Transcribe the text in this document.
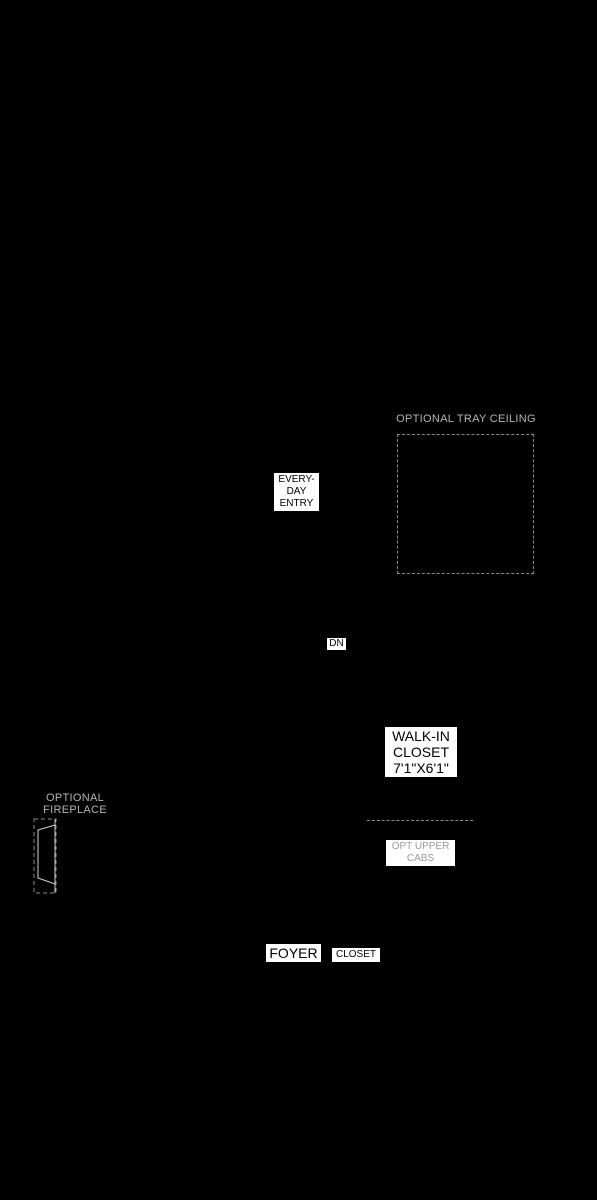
OPTIONAL TRAY CEILING
EVERY-
DAY
ENTRY
DN
WALK-IN
CLOSET
7'1"X6'1"
OPTIONAL
FIREPLACE
OPT UPPER
CABS
FOYER	CLOSET
